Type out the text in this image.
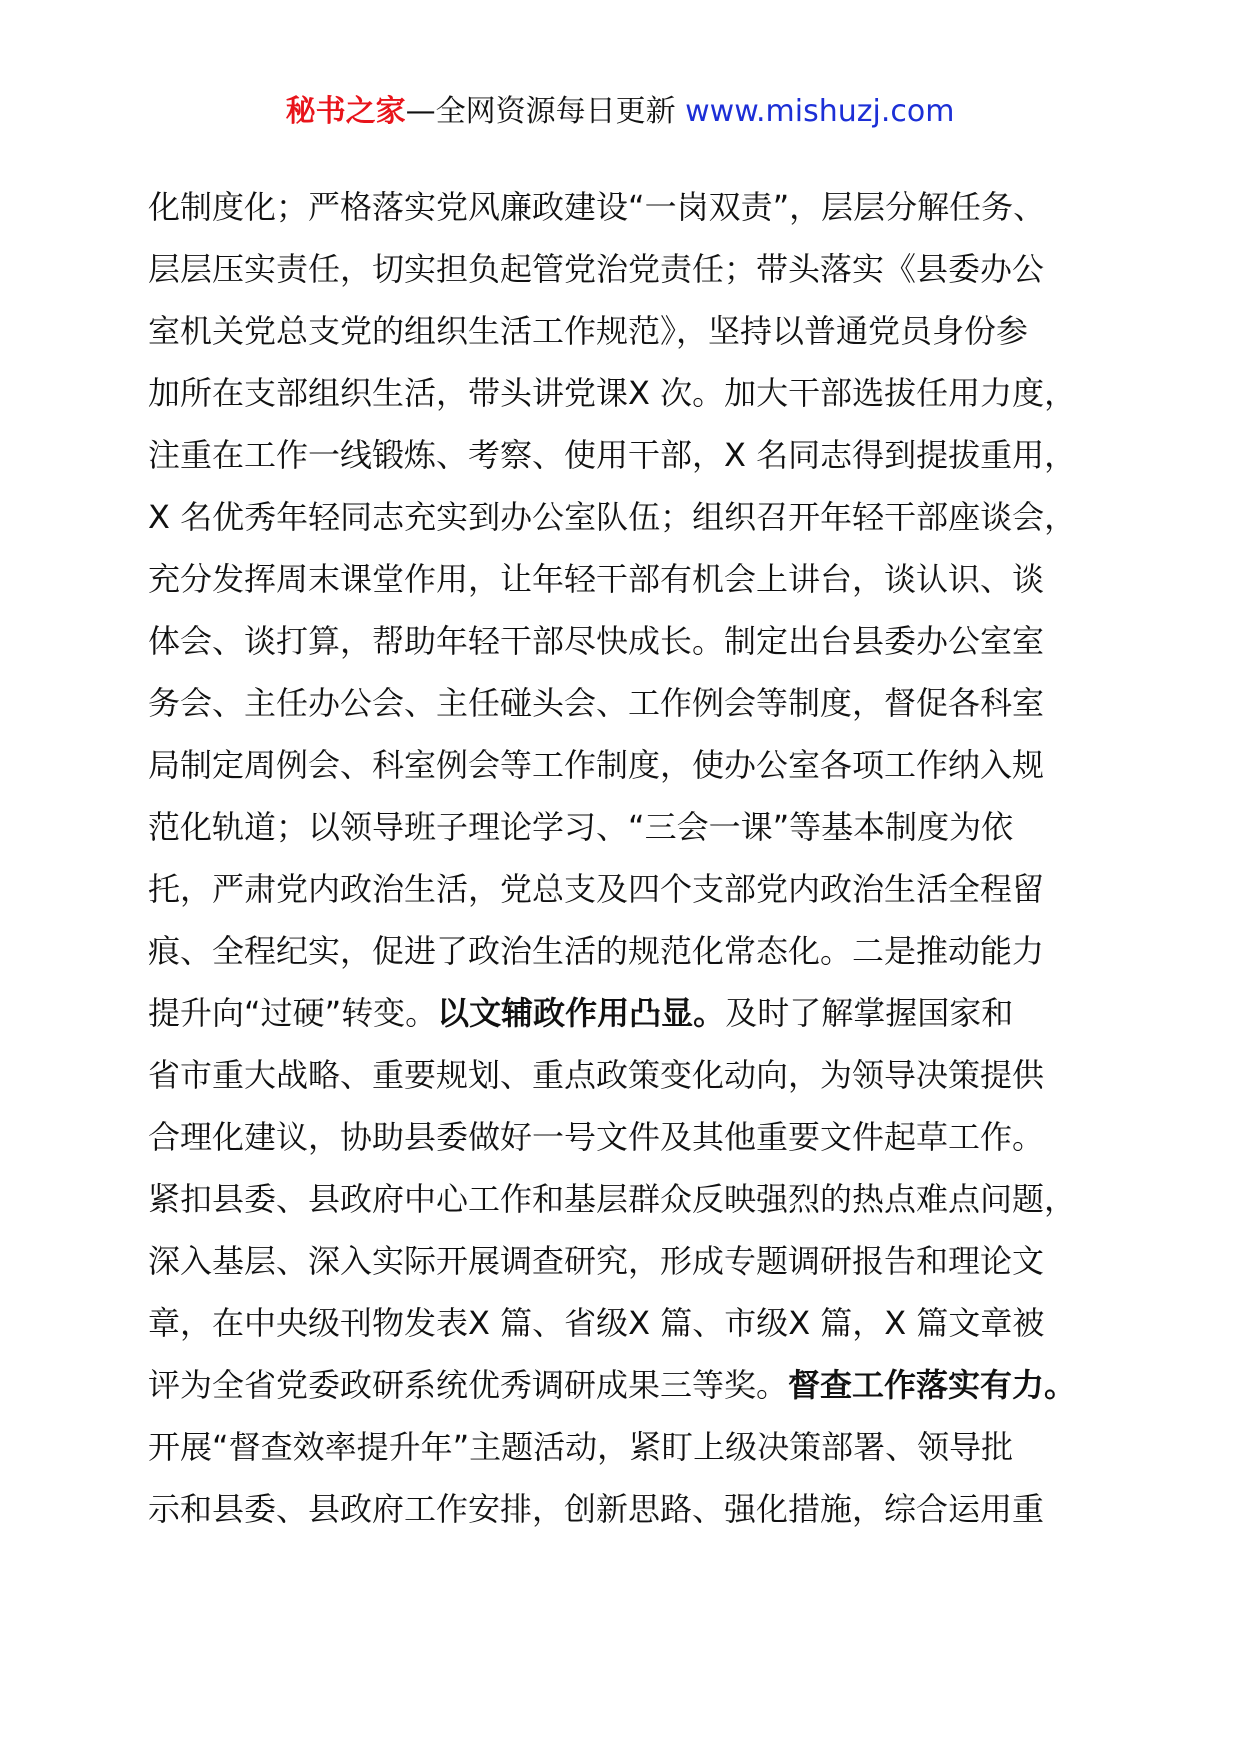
秘书之家—全网资源每日更新 www.mishuzj.com
化制度化；严格落实党风廉政建设“一岗双责”，层层分解任务、
层层压实责任，切实担负起管党治党责任；带头落实《县委办公
室机关党总支党的组织生活工作规范》，坚持以普通党员身份参
加所在支部组织生活，带头讲党课X 次。加大干部选拔任用力度，
注重在工作一线锻炼、考察、使用干部，X 名同志得到提拔重用，
X 名优秀年轻同志充实到办公室队伍；组织召开年轻干部座谈会，
充分发挥周末课堂作用，让年轻干部有机会上讲台，谈认识、谈
体会、谈打算，帮助年轻干部尽快成长。制定出台县委办公室室
务会、主任办公会、主任碰头会、工作例会等制度，督促各科室
局制定周例会、科室例会等工作制度，使办公室各项工作纳入规
范化轨道；以领导班子理论学习、“三会一课”等基本制度为依
托，严肃党内政治生活，党总支及四个支部党内政治生活全程留
痕、全程纪实，促进了政治生活的规范化常态化。二是推动能力
提升向“过硬”转变。以文辅政作用凸显。及时了解掌握国家和
省市重大战略、重要规划、重点政策变化动向，为领导决策提供
合理化建议，协助县委做好一号文件及其他重要文件起草工作。
紧扣县委、县政府中心工作和基层群众反映强烈的热点难点问题，
深入基层、深入实际开展调查研究，形成专题调研报告和理论文
章，在中央级刊物发表X 篇、省级X 篇、市级X 篇，X 篇文章被
评为全省党委政研系统优秀调研成果三等奖。督查工作落实有力。
开展“督查效率提升年”主题活动，紧盯上级决策部署、领导批
示和县委、县政府工作安排，创新思路、强化措施，综合运用重
